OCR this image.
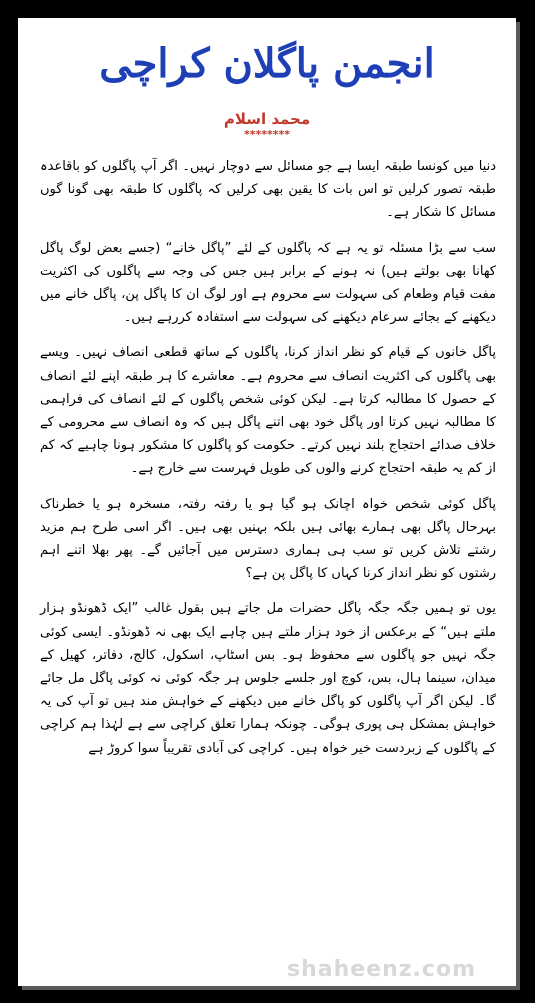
انجمن پاگلان کراچی
محمد اسلام
********

دنیا میں کونسا طبقہ ایسا ہے جو مسائل سے دوچار نہیں۔ اگر آپ پاگلوں کو باقاعدہ طبقہ تصور کرلیں تو اس بات کا یقین بھی کرلیں کہ پاگلوں کا طبقہ بھی گونا گوں مسائل کا شکار ہے۔

سب سے بڑا مسئلہ تو یہ ہے کہ پاگلوں کے لئے ”پاگل خانے“ (جسے بعض لوگ پاگل کھانا بھی بولتے ہیں) نہ ہونے کے برابر ہیں جس کی وجہ سے پاگلوں کی اکثریت مفت قیام وطعام کی سہولت سے محروم ہے اور لوگ ان کا پاگل پن، پاگل خانے میں دیکھنے کے بجائے سرعام دیکھنے کی سہولت سے استفادہ کررہے ہیں۔

پاگل خانوں کے قیام کو نظر انداز کرنا، پاگلوں کے ساتھ قطعی انصاف نہیں۔ ویسے بھی پاگلوں کی اکثریت انصاف سے محروم ہے۔ معاشرے کا ہر طبقہ اپنے لئے انصاف کے حصول کا مطالبہ کرتا ہے۔ لیکن کوئی شخص پاگلوں کے لئے انصاف کی فراہمی کا مطالبہ نہیں کرتا اور پاگل خود بھی اتنے پاگل ہیں کہ وہ انصاف سے محرومی کے خلاف صدائے احتجاج بلند نہیں کرتے۔ حکومت کو پاگلوں کا مشکور ہونا چاہیے کہ کم از کم یہ طبقہ احتجاج کرنے والوں کی طویل فہرست سے خارج ہے۔

پاگل کوئی شخص خواہ اچانک ہو گیا ہو یا رفتہ رفتہ، مسخرہ ہو یا خطرناک بہرحال پاگل بھی ہمارے بھائی ہیں بلکہ بہنیں بھی ہیں۔ اگر اسی طرح ہم مزید رشتے تلاش کریں تو سب ہی ہماری دسترس میں آجائیں گے۔ پھر بھلا اتنے اہم رشتوں کو نظر انداز کرنا کہاں کا پاگل پن ہے؟

یوں تو ہمیں جگہ جگہ پاگل حضرات مل جاتے ہیں بقول غالب ”ایک ڈھونڈو ہزار ملتے ہیں“ کے برعکس از خود ہزار ملتے ہیں چاہے ایک بھی نہ ڈھونڈو۔ ایسی کوئی جگہ نہیں جو پاگلوں سے محفوظ ہو۔ بس اسٹاپ، اسکول، کالج، دفاتر، کھیل کے میدان، سینما ہال، بس، کوچ اور جلسے جلوس ہر جگہ کوئی نہ کوئی پاگل مل جائے گا۔ لیکن اگر آپ پاگلوں کو پاگل خانے میں دیکھنے کے خواہش مند ہیں تو آپ کی یہ خواہش بمشکل ہی پوری ہوگی۔ چونکہ ہمارا تعلق کراچی سے ہے لہٰذا ہم کراچی کے پاگلوں کے زبردست خیر خواہ ہیں۔ کراچی کی آبادی تقریباً سوا کروڑ ہے

shaheenz.com
